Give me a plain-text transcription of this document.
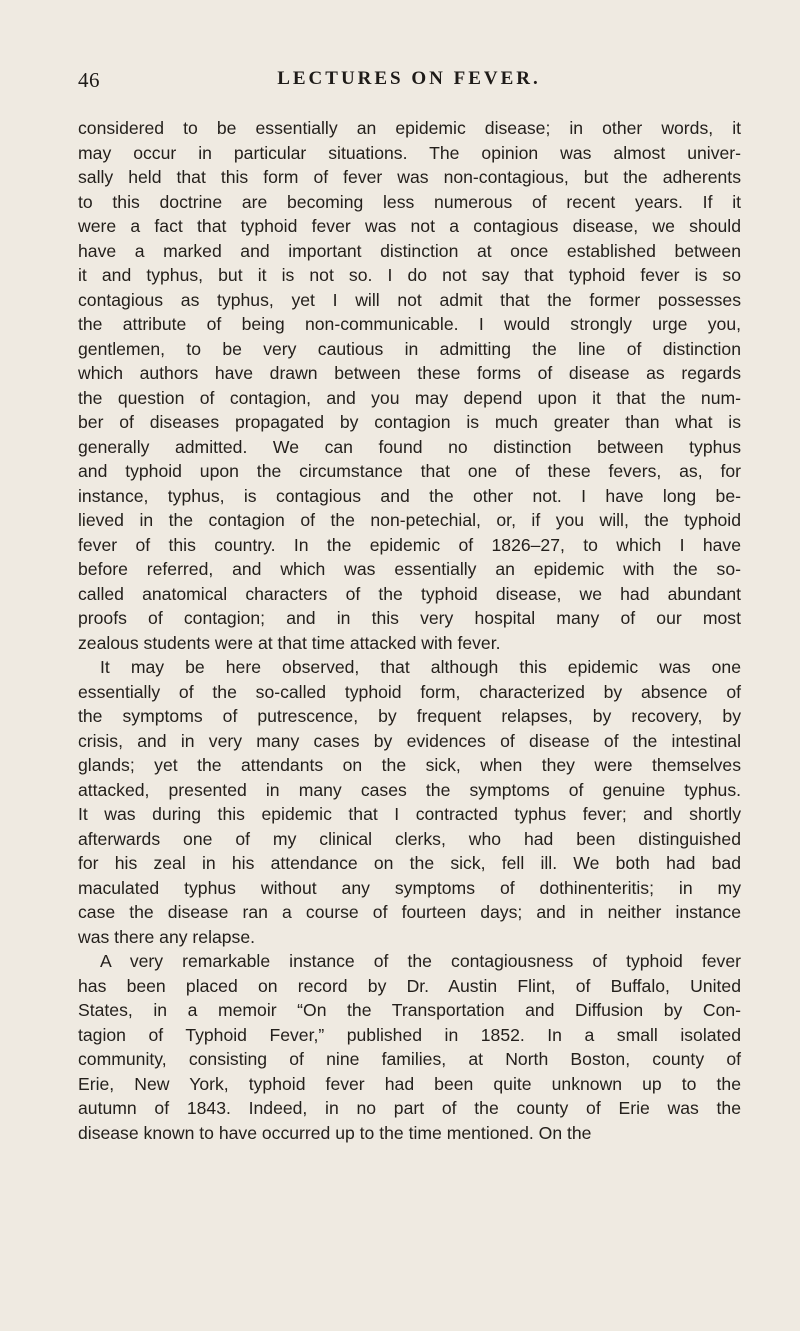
46	LECTURES ON FEVER.
considered to be essentially an epidemic disease; in other words, it
may occur in particular situations. The opinion was almost univer-
sally held that this form of fever was non-contagious, but the adherents
to this doctrine are becoming less numerous of recent years. If it
were a fact that typhoid fever was not a contagious disease, we should
have a marked and important distinction at once established between
it and typhus, but it is not so. I do not say that typhoid fever is so
contagious as typhus, yet I will not admit that the former possesses
the attribute of being non-communicable. I would strongly urge you,
gentlemen, to be very cautious in admitting the line of distinction
which authors have drawn between these forms of disease as regards
the question of contagion, and you may depend upon it that the num-
ber of diseases propagated by contagion is much greater than what is
generally admitted. We can found no distinction between typhus
and typhoid upon the circumstance that one of these fevers, as, for
instance, typhus, is contagious and the other not. I have long be-
lieved in the contagion of the non-petechial, or, if you will, the typhoid
fever of this country. In the epidemic of 1826–27, to which I have
before referred, and which was essentially an epidemic with the so-
called anatomical characters of the typhoid disease, we had abundant
proofs of contagion; and in this very hospital many of our most
zealous students were at that time attacked with fever.
It may be here observed, that although this epidemic was one
essentially of the so-called typhoid form, characterized by absence of
the symptoms of putrescence, by frequent relapses, by recovery, by
crisis, and in very many cases by evidences of disease of the intestinal
glands; yet the attendants on the sick, when they were themselves
attacked, presented in many cases the symptoms of genuine typhus.
It was during this epidemic that I contracted typhus fever; and shortly
afterwards one of my clinical clerks, who had been distinguished
for his zeal in his attendance on the sick, fell ill. We both had bad
maculated typhus without any symptoms of dothinenteritis; in my
case the disease ran a course of fourteen days; and in neither instance
was there any relapse.
A very remarkable instance of the contagiousness of typhoid fever
has been placed on record by Dr. Austin Flint, of Buffalo, United
States, in a memoir “On the Transportation and Diffusion by Con-
tagion of Typhoid Fever,” published in 1852. In a small isolated
community, consisting of nine families, at North Boston, county of
Erie, New York, typhoid fever had been quite unknown up to the
autumn of 1843. Indeed, in no part of the county of Erie was the
disease known to have occurred up to the time mentioned. On the
